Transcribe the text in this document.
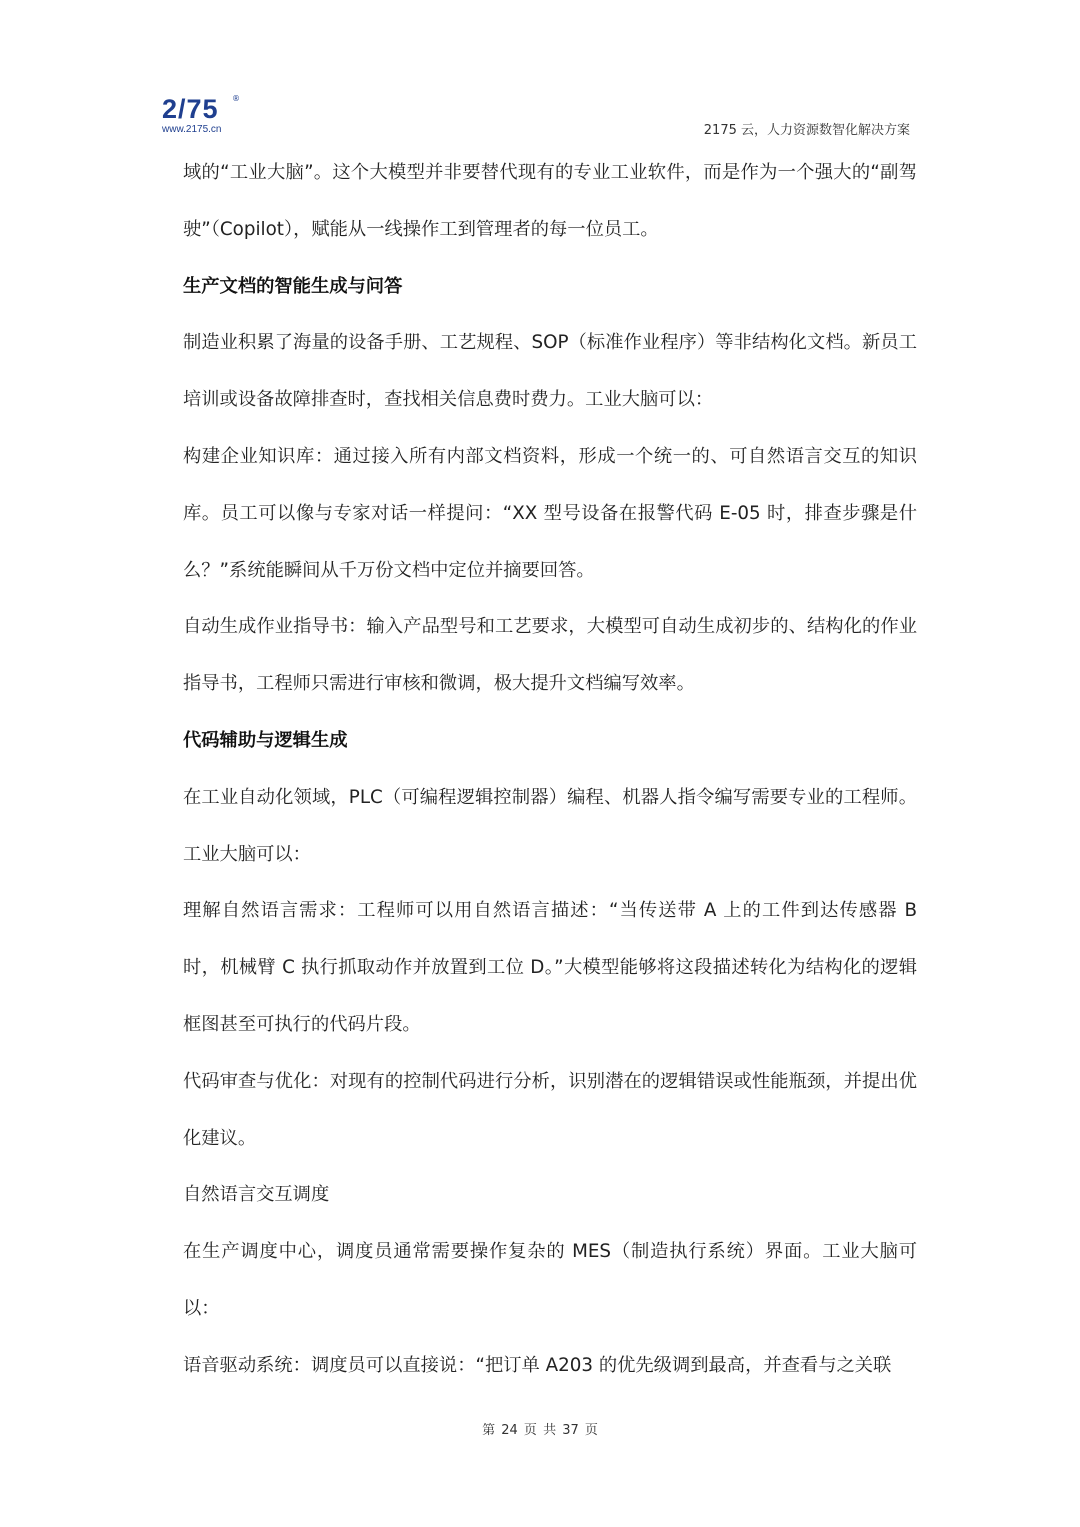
2/75 ®
www.2175.cn	2175 云，人力资源数智化解决方案

域的“工业大脑”。这个大模型并非要替代现有的专业工业软件，而是作为一个强大的“副驾驶”（Copilot），赋能从一线操作工到管理者的每一位员工。

生产文档的智能生成与问答

制造业积累了海量的设备手册、工艺规程、SOP（标准作业程序）等非结构化文档。新员工培训或设备故障排查时，查找相关信息费时费力。工业大脑可以：

构建企业知识库：通过接入所有内部文档资料，形成一个统一的、可自然语言交互的知识库。员工可以像与专家对话一样提问：“XX 型号设备在报警代码 E-05 时，排查步骤是什么？”系统能瞬间从千万份文档中定位并摘要回答。

自动生成作业指导书：输入产品型号和工艺要求，大模型可自动生成初步的、结构化的作业指导书，工程师只需进行审核和微调，极大提升文档编写效率。

代码辅助与逻辑生成

在工业自动化领域，PLC（可编程逻辑控制器）编程、机器人指令编写需要专业的工程师。工业大脑可以：

理解自然语言需求：工程师可以用自然语言描述：“当传送带 A 上的工件到达传感器 B 时，机械臂 C 执行抓取动作并放置到工位 D。”大模型能够将这段描述转化为结构化的逻辑框图甚至可执行的代码片段。

代码审查与优化：对现有的控制代码进行分析，识别潜在的逻辑错误或性能瓶颈，并提出优化建议。

自然语言交互调度

在生产调度中心，调度员通常需要操作复杂的 MES（制造执行系统）界面。工业大脑可以：

语音驱动系统：调度员可以直接说：“把订单 A203 的优先级调到最高，并查看与之关联

第 24 页 共 37 页
